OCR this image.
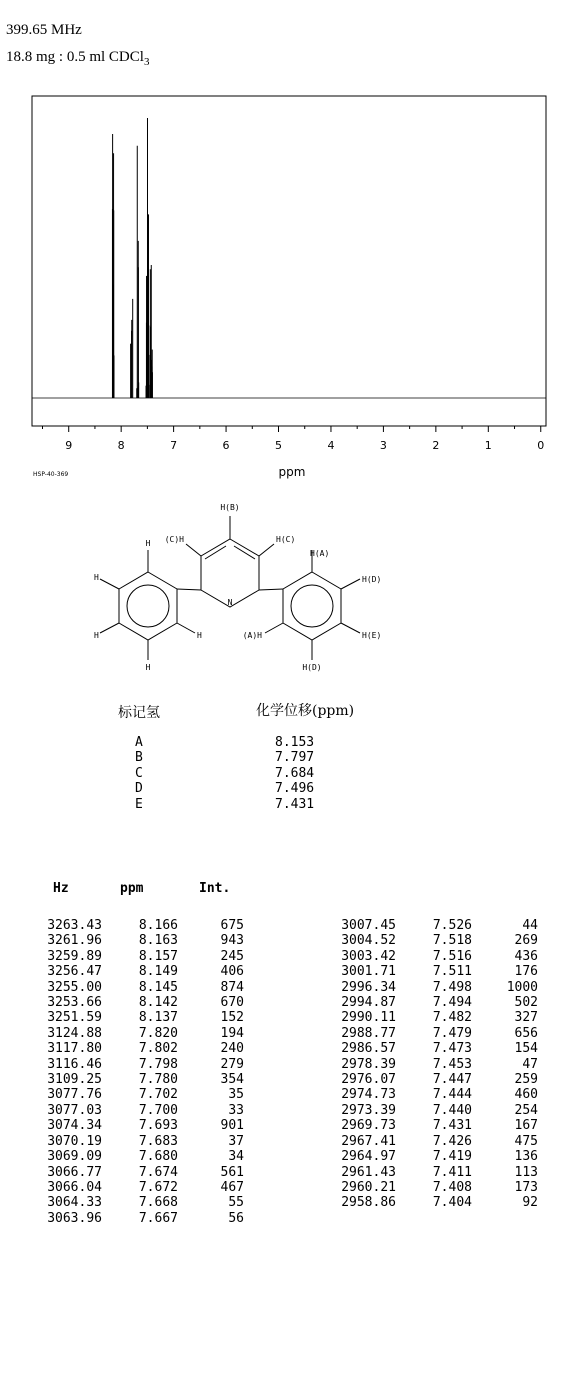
399.65 MHz
18.8 mg : 0.5 ml CDCl$_3$
9	8	7	6	5	4	3	2	1	0
ppm
HSP-40-369
H(B)
(C)H	H(C)
H(A)
N
H
H
H
H
H	(A)H
H(D)
H(E)
H(D)
标记氢	化学位移(ppm)
A	8.153
B	7.797
C	7.684
D	7.496
E	7.431
Hz	ppm	Int.
3263.43	8.166	675
3261.96	8.163	943
3259.89	8.157	245
3256.47	8.149	406
3255.00	8.145	874
3253.66	8.142	670
3251.59	8.137	152
3124.88	7.820	194
3117.80	7.802	240
3116.46	7.798	279
3109.25	7.780	354
3077.76	7.702	35
3077.03	7.700	33
3074.34	7.693	901
3070.19	7.683	37
3069.09	7.680	34
3066.77	7.674	561
3066.04	7.672	467
3064.33	7.668	55
3063.96	7.667	56
3007.45	7.526	44
3004.52	7.518	269
3003.42	7.516	436
3001.71	7.511	176
2996.34	7.498	1000
2994.87	7.494	502
2990.11	7.482	327
2988.77	7.479	656
2986.57	7.473	154
2978.39	7.453	47
2976.07	7.447	259
2974.73	7.444	460
2973.39	7.440	254
2969.73	7.431	167
2967.41	7.426	475
2964.97	7.419	136
2961.43	7.411	113
2960.21	7.408	173
2958.86	7.404	92
